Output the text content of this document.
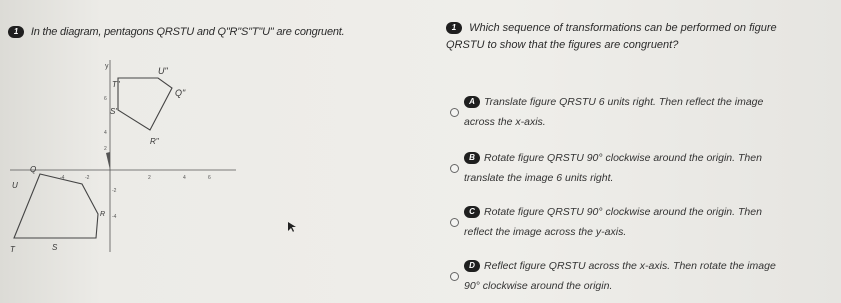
1 In the diagram, pentagons QRSTU and Q"R"S"T"U" are congruent.
y	U"
T"
Q"
S"
R"
Q
U
T	S
R
6
4
2
-4	-2	2	4	6
-2
-4
1 Which sequence of transformations can be performed on figure
QRSTU to show that the figures are congruent?
A Translate figure QRSTU 6 units right. Then reflect the image
across the x-axis.
B Rotate figure QRSTU 90° clockwise around the origin. Then
translate the image 6 units right.
C Rotate figure QRSTU 90° clockwise around the origin. Then
reflect the image across the y-axis.
D Reflect figure QRSTU across the x-axis. Then rotate the image
90° clockwise around the origin.
